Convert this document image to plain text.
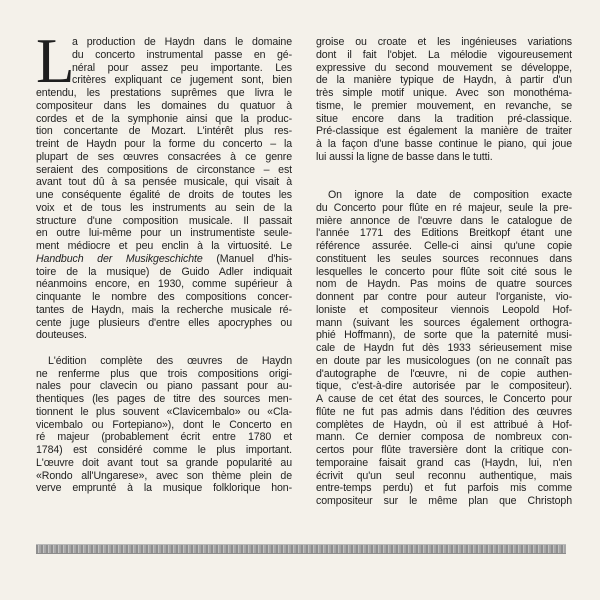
L
a production de Haydn dans le domaine
du concerto instrumental passe en gé-
néral pour assez peu importante. Les
critères expliquant ce jugement sont, bien
entendu, les prestations suprêmes que livra le
compositeur dans les domaines du quatuor à
cordes et de la symphonie ainsi que la produc-
tion concertante de Mozart. L'intérêt plus res-
treint de Haydn pour la forme du concerto – la
plupart de ses œuvres consacrées à ce genre
seraient des compositions de circonstance – est
avant tout dû à sa pensée musicale, qui visait à
une conséquente égalité de droits de toutes les
voix et de tous les instruments au sein de la
structure d'une composition musicale. Il passait
en outre lui-même pour un instrumentiste seule-
ment médiocre et peu enclin à la virtuosité. Le
Handbuch der Musikgeschichte (Manuel d'his-
toire de la musique) de Guido Adler indiquait
néanmoins encore, en 1930, comme supérieur à
cinquante le nombre des compositions concer-
tantes de Haydn, mais la recherche musicale ré-
cente juge plusieurs d'entre elles apocryphes ou
douteuses.
L'édition complète des œuvres de Haydn
ne renferme plus que trois compositions origi-
nales pour clavecin ou piano passant pour au-
thentiques (les pages de titre des sources men-
tionnent le plus souvent «Clavicembalo» ou «Cla-
vicembalo ou Fortepiano»), dont le Concerto en
ré majeur (probablement écrit entre 1780 et
1784) est considéré comme le plus important.
L'œuvre doit avant tout sa grande popularité au
«Rondo all'Ungarese», avec son thème plein de
verve emprunté à la musique folklorique hon-
groise ou croate et les ingénieuses variations
dont il fait l'objet. La mélodie vigoureusement
expressive du second mouvement se développe,
de la manière typique de Haydn, à partir d'un
très simple motif unique. Avec son monothéma-
tisme, le premier mouvement, en revanche, se
situe encore dans la tradition pré-classique.
Pré-classique est également la manière de traiter
à la façon d'une basse continue le piano, qui joue
lui aussi la ligne de basse dans le tutti.
On ignore la date de composition exacte
du Concerto pour flûte en ré majeur, seule la pre-
mière annonce de l'œuvre dans le catalogue de
l'année 1771 des Editions Breitkopf étant une
référence assurée. Celle-ci ainsi qu'une copie
constituent les seules sources reconnues dans
lesquelles le concerto pour flûte soit cité sous le
nom de Haydn. Pas moins de quatre sources
donnent par contre pour auteur l'organiste, vio-
loniste et compositeur viennois Leopold Hof-
mann (suivant les sources également orthogra-
phié Hoffmann), de sorte que la paternité musi-
cale de Haydn fut dès 1933 sérieusement mise
en doute par les musicologues (on ne connaît pas
d'autographe de l'œuvre, ni de copie authen-
tique, c'est-à-dire autorisée par le compositeur).
A cause de cet état des sources, le Concerto pour
flûte ne fut pas admis dans l'édition des œuvres
complètes de Haydn, où il est attribué à Hof-
mann. Ce dernier composa de nombreux con-
certos pour flûte traversière dont la critique con-
temporaine faisait grand cas (Haydn, lui, n'en
écrivit qu'un seul reconnu authentique, mais
entre-temps perdu) et fut parfois mis comme
compositeur sur le même plan que Christoph
